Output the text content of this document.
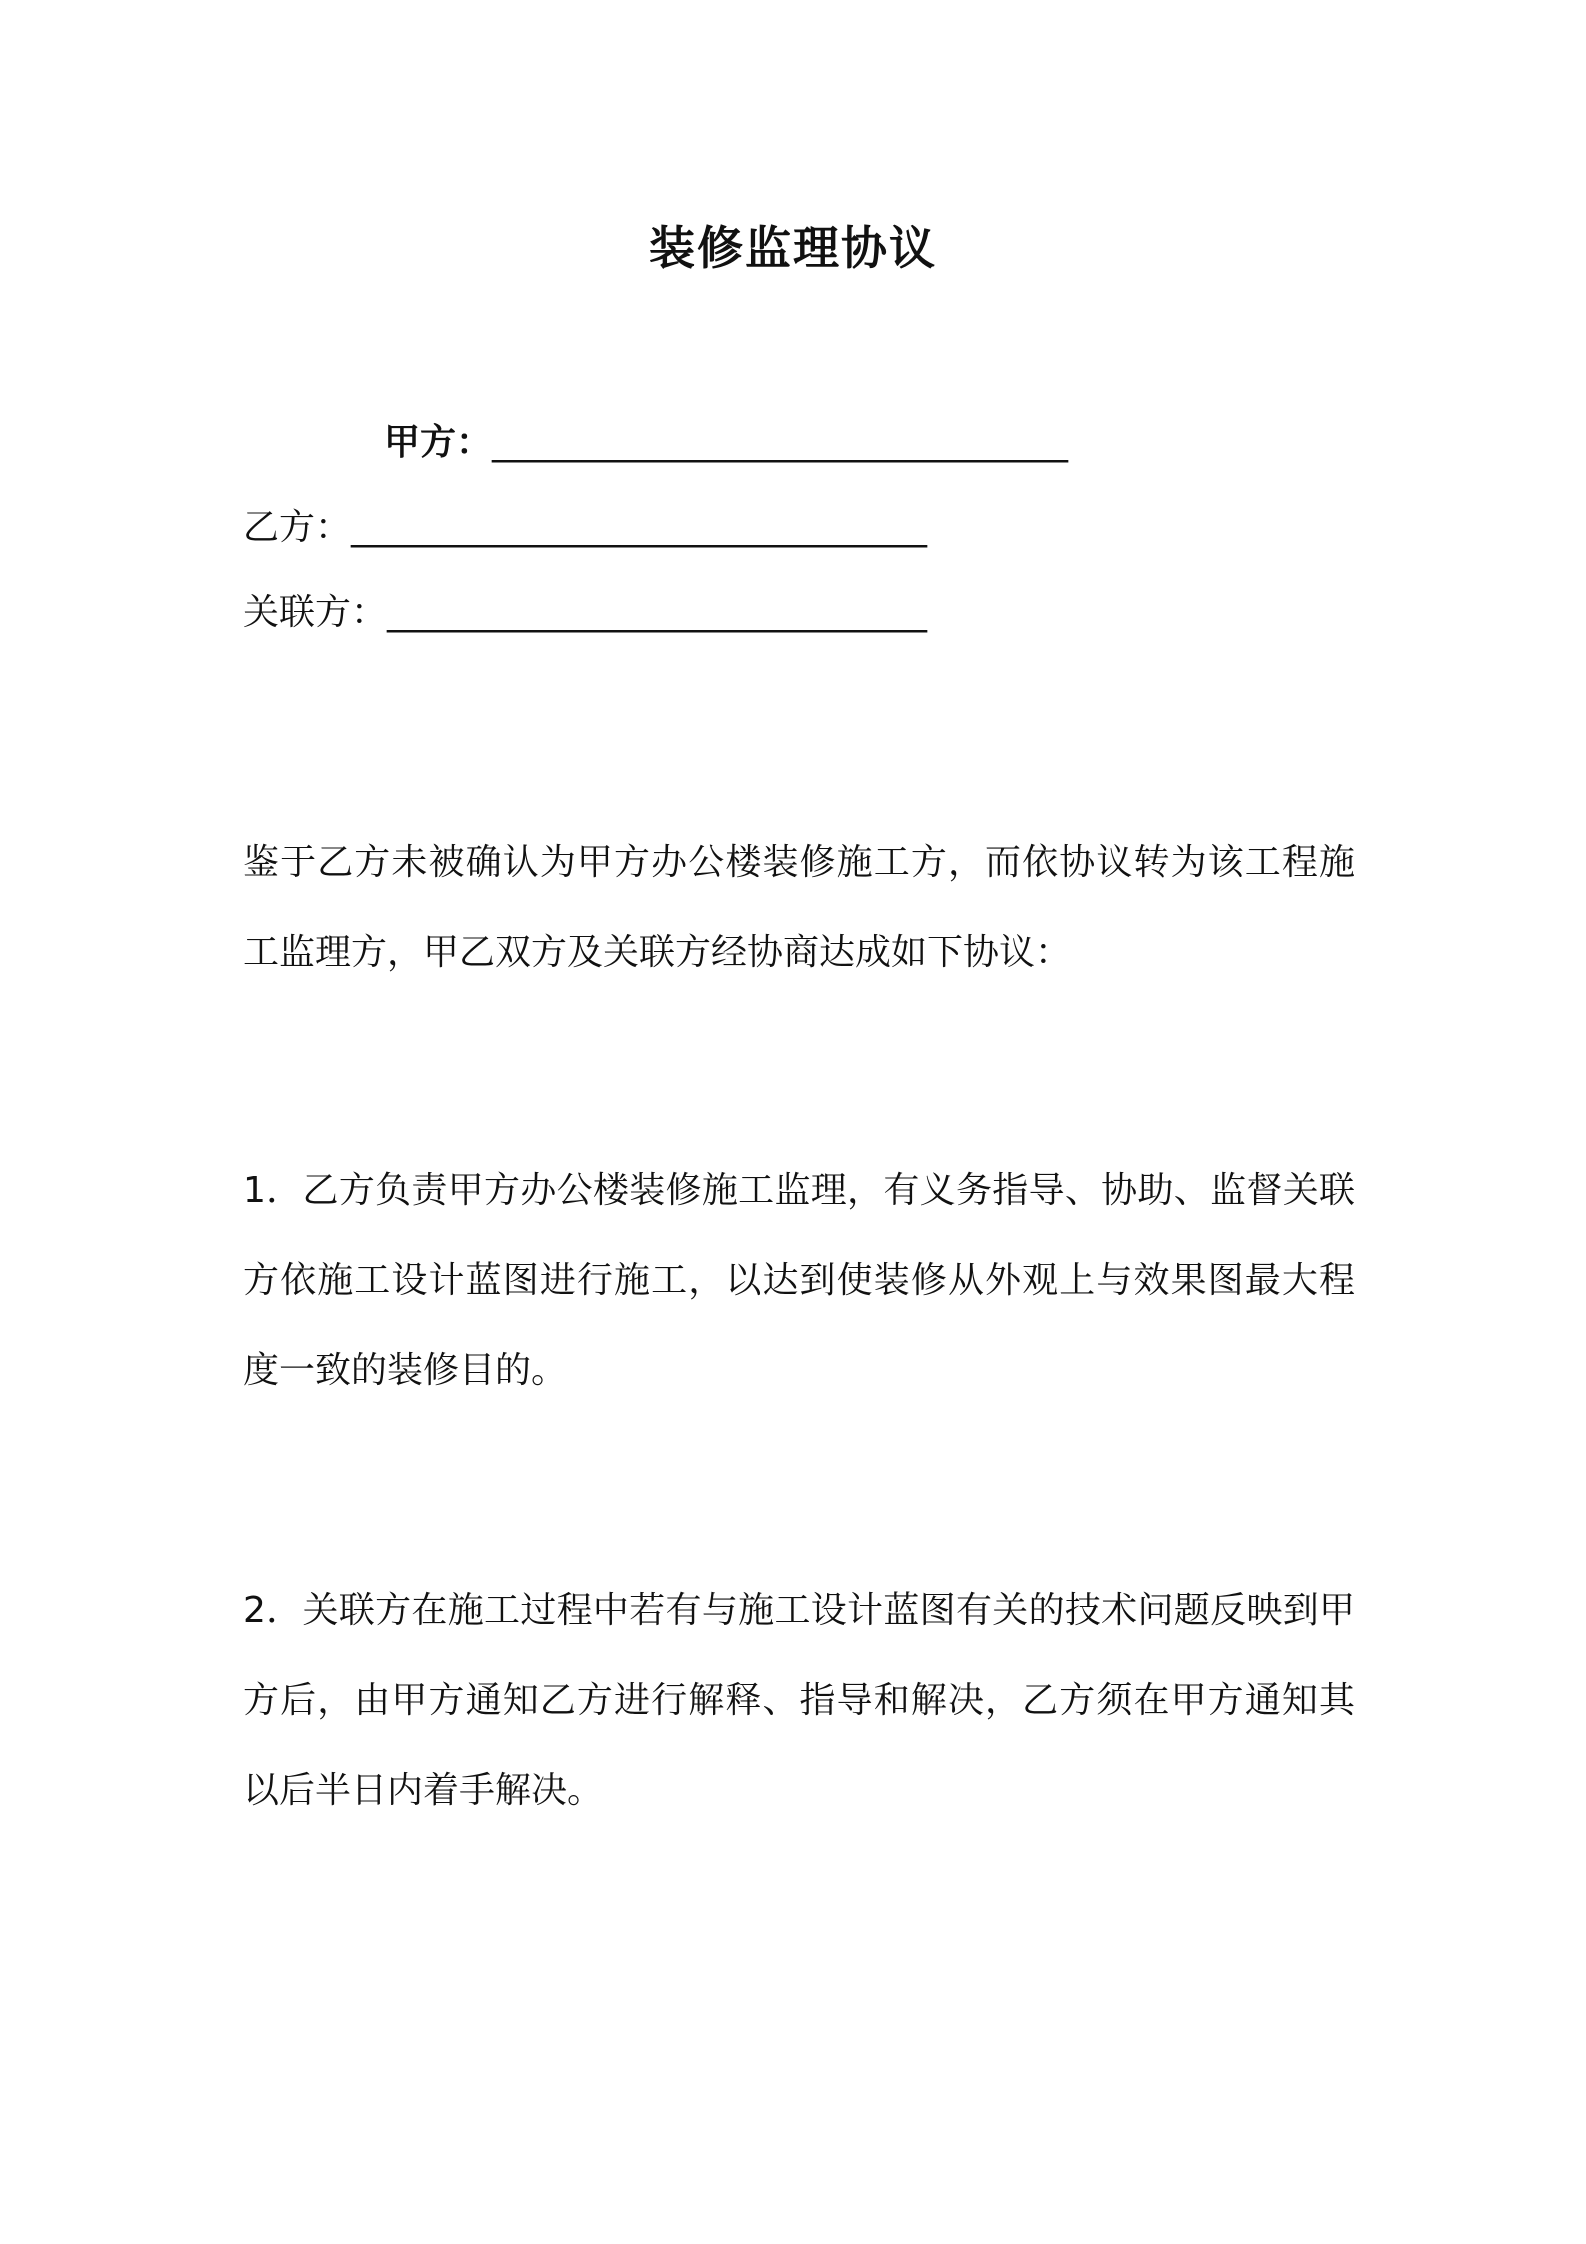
装修监理协议
甲方：________________________________
乙方：________________________________
关联方：______________________________
鉴于乙方未被确认为甲方办公楼装修施工方，而依协议转为该工程施工监理方，甲乙双方及关联方经协商达成如下协议：
1．乙方负责甲方办公楼装修施工监理，有义务指导、协助、监督关联方依施工设计蓝图进行施工，以达到使装修从外观上与效果图最大程度一致的装修目的。
2．关联方在施工过程中若有与施工设计蓝图有关的技术问题反映到甲方后，由甲方通知乙方进行解释、指导和解决，乙方须在甲方通知其以后半日内着手解决。
